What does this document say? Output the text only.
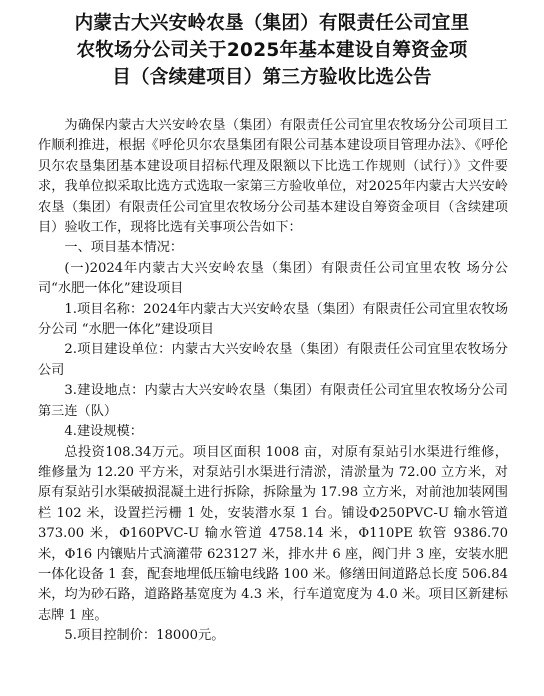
内蒙古大兴安岭农垦（集团）有限责任公司宜里
农牧场分公司关于2025年基本建设自筹资金项
目（含续建项目）第三方验收比选公告

为确保内蒙古大兴安岭农垦（集团）有限责任公司宜里农牧场分公司项目工作顺利推进，根据《呼伦贝尔农垦集团有限公司基本建设项目管理办法》、《呼伦贝尔农垦集团基本建设项目招标代理及限额以下比选工作规则（试行）》文件要求，我单位拟采取比选方式选取一家第三方验收单位，对2025年内蒙古大兴安岭农垦（集团）有限责任公司宜里农牧场分公司基本建设自筹资金项目（含续建项目）验收工作，现将比选有关事项公告如下：

一、项目基本情况：

(一)2024年内蒙古大兴安岭农垦（集团）有限责任公司宜里农牧 场分公司“水肥一体化”建设项目

1.项目名称：2024年内蒙古大兴安岭农垦（集团）有限责任公司宜里农牧场分公司 “水肥一体化”建设项目

2.项目建设单位：内蒙古大兴安岭农垦（集团）有限责任公司宜里农牧场分公司

3.建设地点：内蒙古大兴安岭农垦（集团）有限责任公司宜里农牧场分公司第三连（队）

4.建设规模：

总投资108.34万元。项目区面积 1008 亩，对原有泵站引水渠进行维修，维修量为 12.20 平方米，对泵站引水渠进行清淤，清淤量为 72.00 立方米，对原有泵站引水渠破损混凝土进行拆除，拆除量为 17.98 立方米，对前池加装网围栏 102 米，设置拦污栅 1 处，安装潜水泵 1 台。铺设Φ250PVC-U 输水管道 373.00 米，Φ160PVC-U 输水管道 4758.14 米，Φ110PE 软管 9386.70 米，Φ16 内镶贴片式滴灌带 623127 米，排水井 6 座，阀门井 3 座，安装水肥一体化设备 1 套，配套地埋低压输电线路 100 米。修缮田间道路总长度 506.84 米，均为砂石路，道路路基宽度为 4.3 米，行车道宽度为 4.0 米。项目区新建标志牌 1 座。

5.项目控制价：18000元。
